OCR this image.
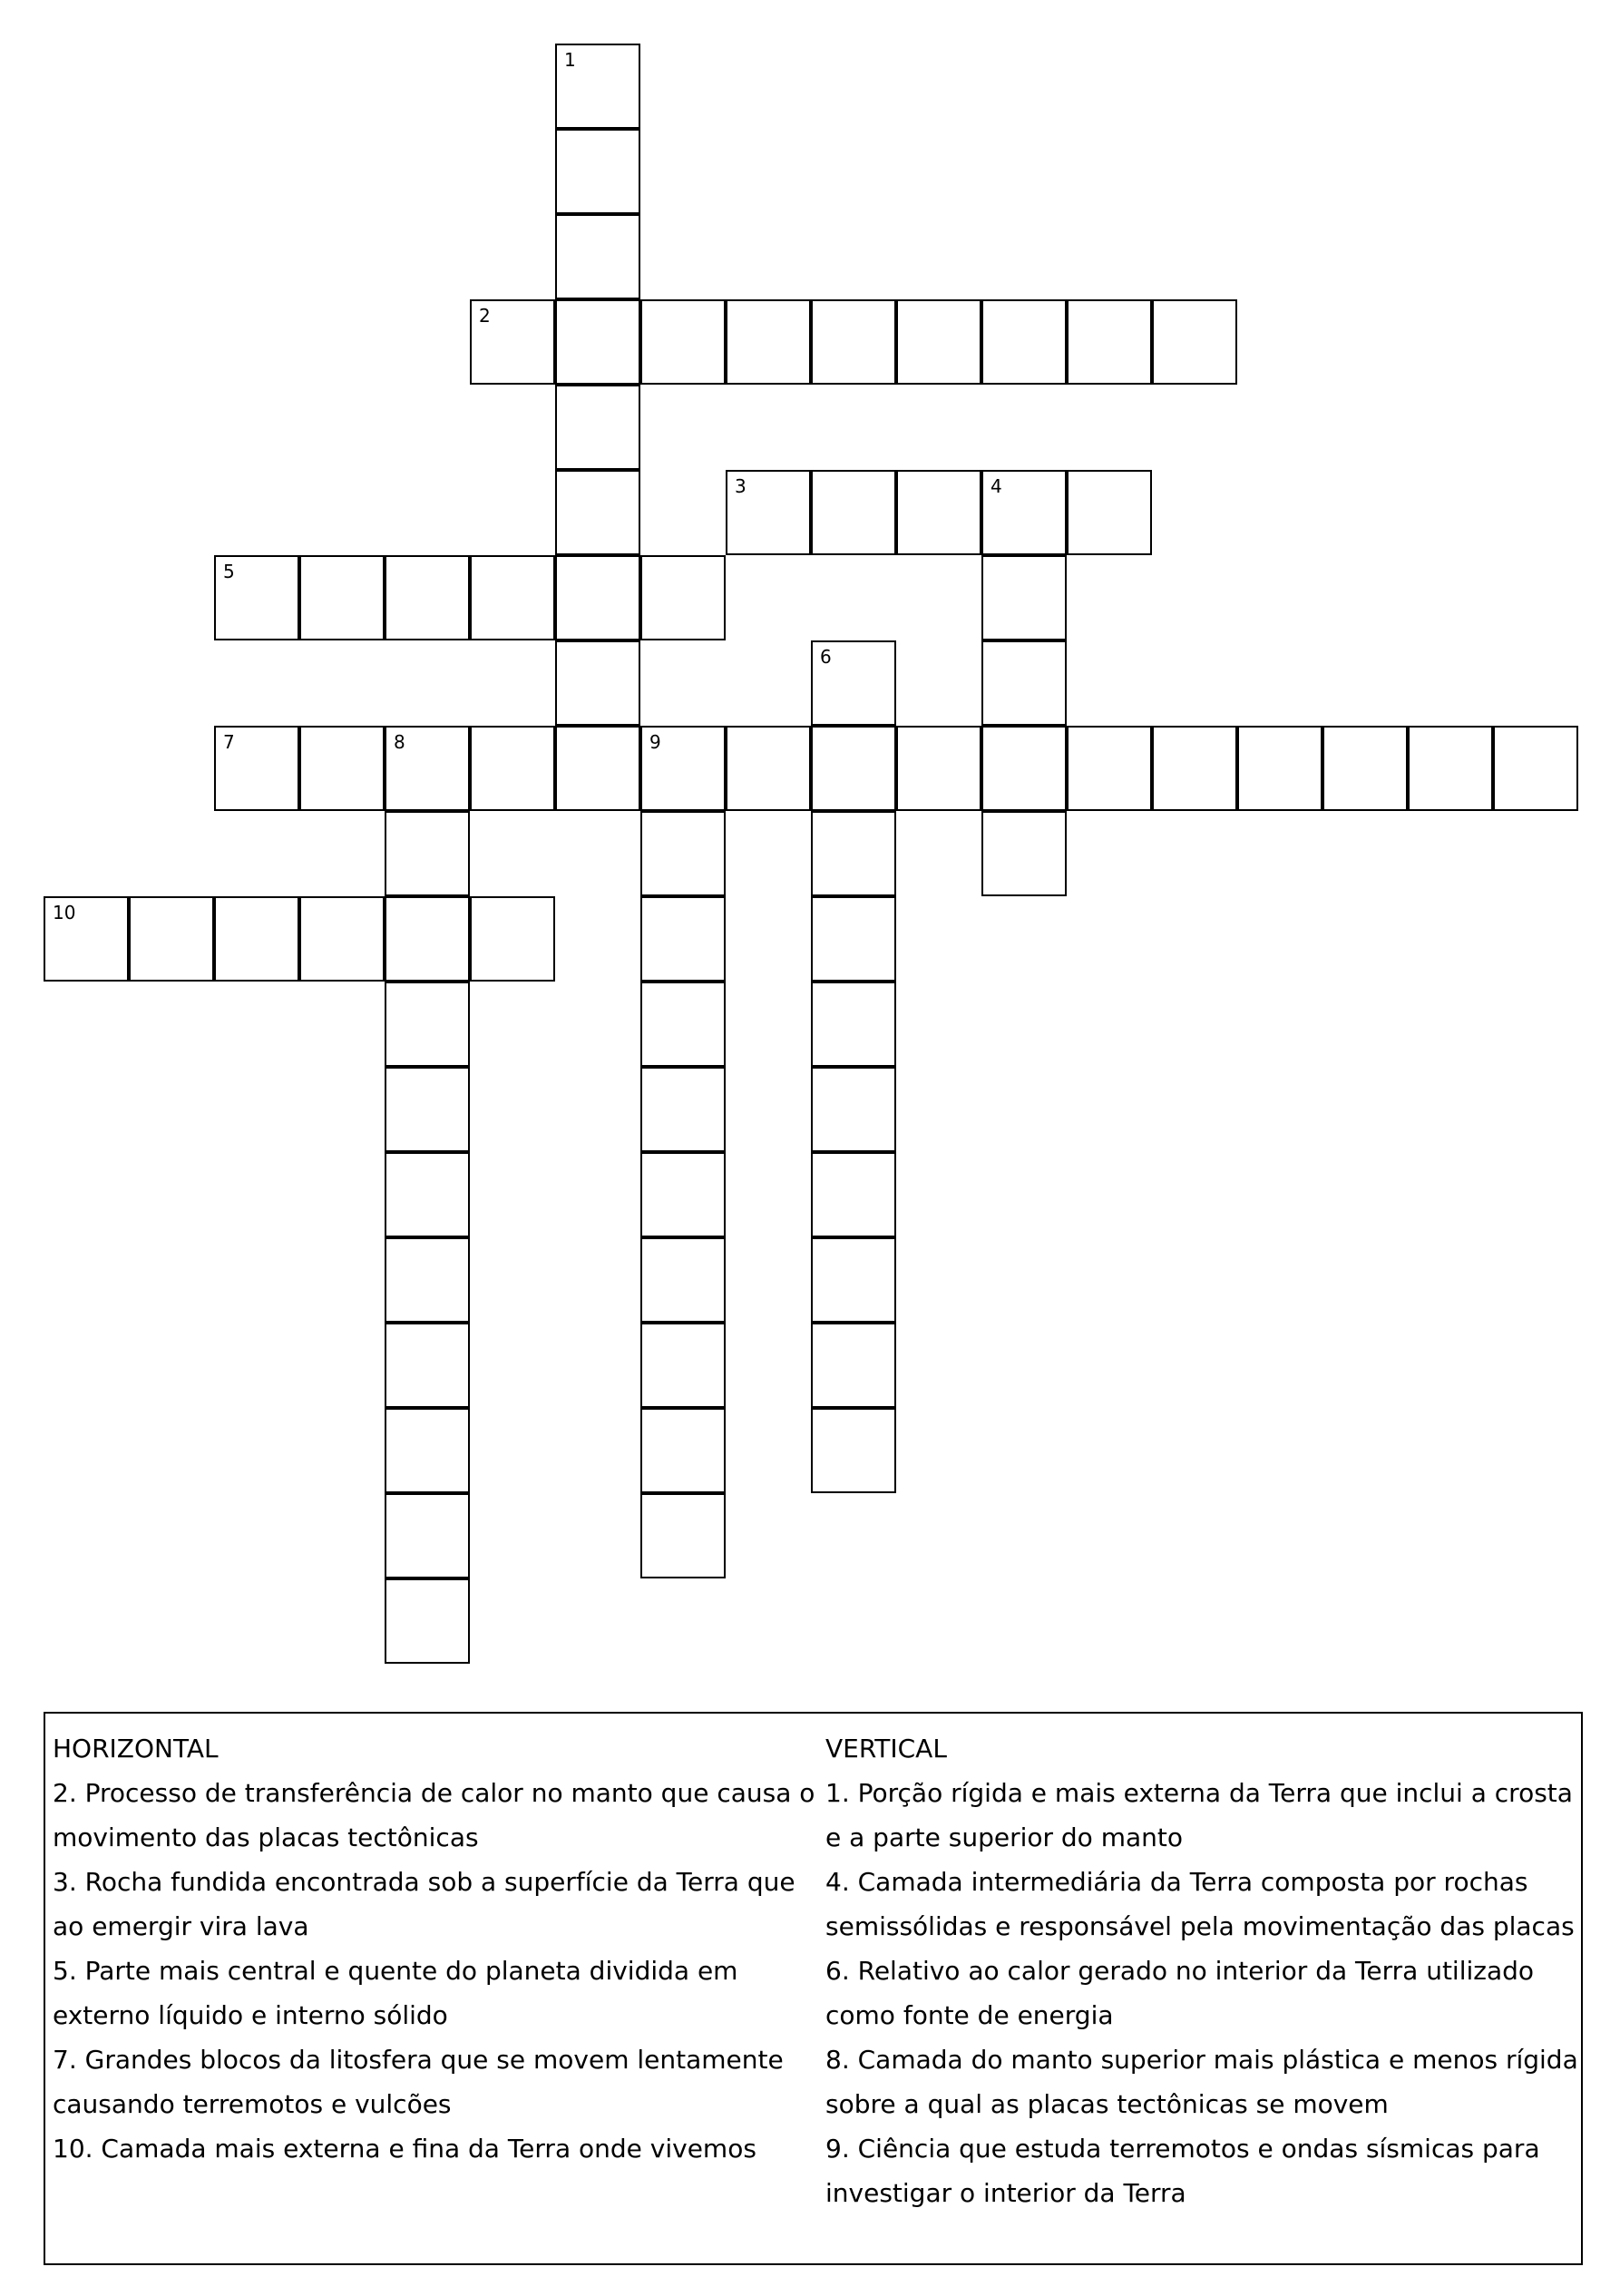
1
2
3	4
5
6
7	8	9
10

HORIZONTAL

2. Processo de transferência de calor no manto que causa o movimento das placas tectônicas

3. Rocha fundida encontrada sob a superfície da Terra que ao emergir vira lava

5. Parte mais central e quente do planeta dividida em externo líquido e interno sólido

7. Grandes blocos da litosfera que se movem lentamente causando terremotos e vulcões

10. Camada mais externa e fina da Terra onde vivemos

VERTICAL

1. Porção rígida e mais externa da Terra que inclui a crosta e a parte superior do manto

4. Camada intermediária da Terra composta por rochas semissólidas e responsável pela movimentação das placas

6. Relativo ao calor gerado no interior da Terra utilizado como fonte de energia

8. Camada do manto superior mais plástica e menos rígida sobre a qual as placas tectônicas se movem

9. Ciência que estuda terremotos e ondas sísmicas para investigar o interior da Terra
